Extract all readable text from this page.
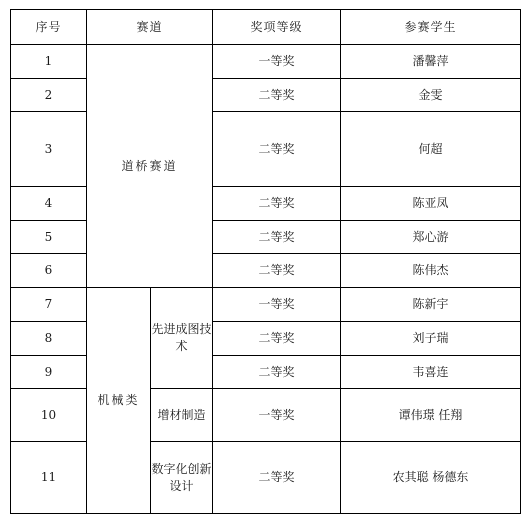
序号	赛道		奖项等级	参赛学生
1	道桥赛道		一等奖	潘馨萍
2			二等奖	金雯
3			二等奖	何超
4			二等奖	陈亚凤
5			二等奖	郑心游
6			二等奖	陈伟杰
7	机械类	先进成图技术	一等奖	陈新宇
8			二等奖	刘子瑞
9			二等奖	韦喜连
10		增材制造	一等奖	谭伟璟 任翔
11		数字化创新设计	二等奖	农其聪 杨德东
